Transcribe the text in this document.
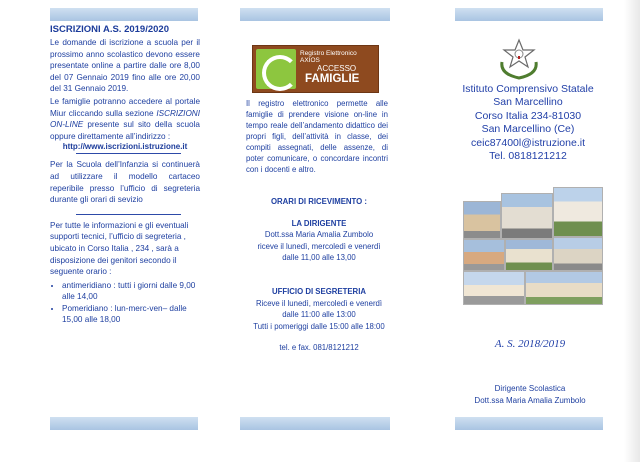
ISCRIZIONI A.S. 2019/2020
Le domande di iscrizione a scuola per il prossimo anno scolastico devono essere presentate online a partire dalle ore 8,00 del 07 Gennaio 2019 fino alle ore 20,00 del 31 Gennaio 2019.
Le famiglie potranno accedere al portale Miur cliccando sulla sezione ISCRIZIONI ON-LINE presente sul sito della scuola oppure direttamente all’indirizzo :
http://www.iscrizioni.istruzione.it
Per la Scuola dell’Infanzia si continuerà ad utilizzare il modello cartaceo reperibile presso l’ufficio di segreteria durante gli orari di sevizio
Per tutte le informazioni e gli eventuali supporti tecnici, l’ufficio di segreteria , ubicato in Corso Italia , 234 , sarà a disposizione dei genitori secondo il seguente orario :
• antimeridiano : tutti i giorni dalle 9,00 alle 14,00
• Pomeridiano : lun-merc-ven– dalle 15,00 alle 18,00
Registro Elettronico AXIOS
ACCESSO
FAMIGLIE
Il registro elettronico permette alle famiglie di prendere visione on-line in tempo reale dell’andamento didattico dei propri figli, dell’attività in classe, dei compiti assegnati, delle assenze, di poter comunicare, o concordare incontri con i docenti e altro.
ORARI DI RICEVIMENTO :
LA DIRIGENTE
Dott.ssa Maria Amalia Zumbolo
riceve il lunedì, mercoledì e venerdì
dalle 11,00 alle 13,00
UFFICIO DI SEGRETERIA
Riceve il lunedì, mercoledì e venerdì
dalle 11:00 alle 13:00
Tutti i pomeriggi dalle 15:00 alle 18:00
tel. e fax. 081/8121212
Istituto Comprensivo Statale
San Marcellino
Corso Italia 234-81030
San Marcellino (Ce)
ceic87400l@istruzione.it
Tel. 0818121212
A. S. 2018/2019
Dirigente Scolastica
Dott.ssa Maria Amalia Zumbolo
